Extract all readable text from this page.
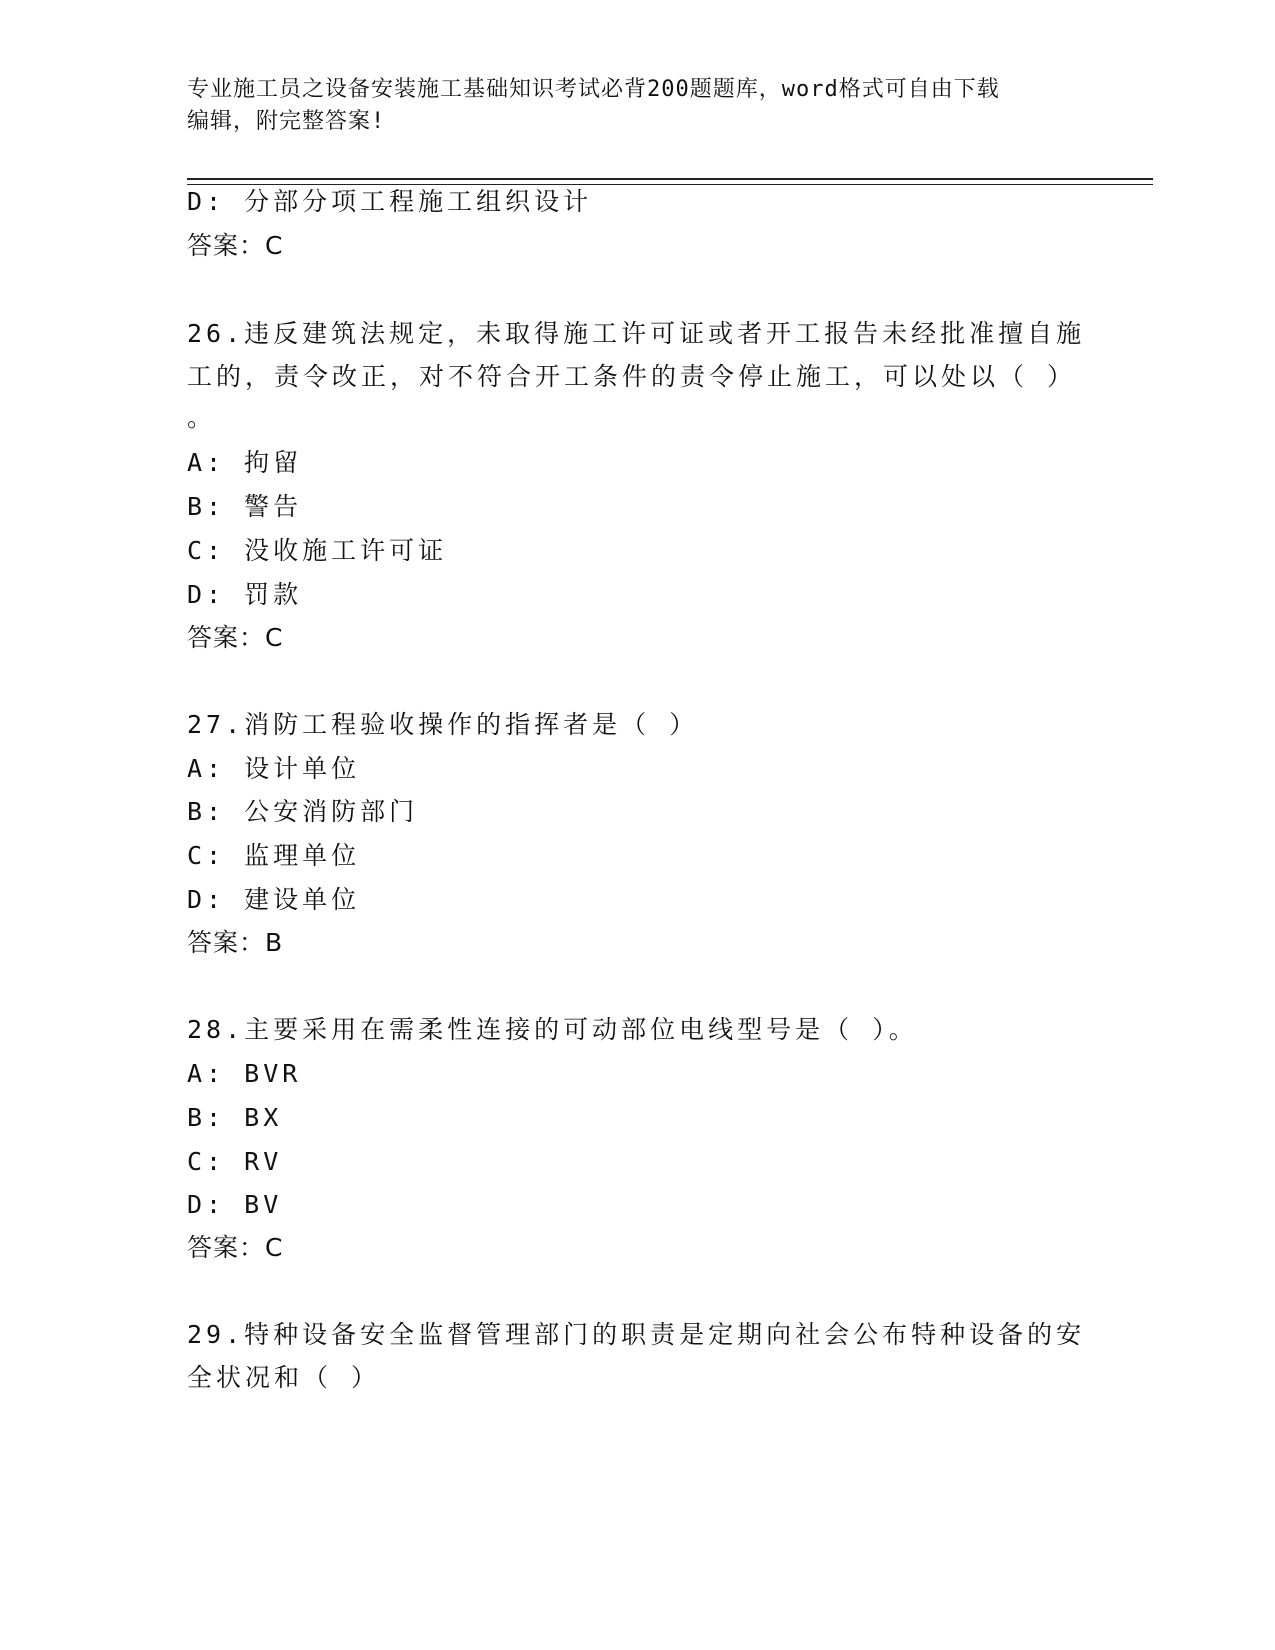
专业施工员之设备安装施工基础知识考试必背200题题库，word格式可自由下载
编辑，附完整答案!
D: 分部分项工程施工组织设计
答案：C
26.违反建筑法规定，未取得施工许可证或者开工报告未经批准擅自施
工的，责令改正，对不符合开工条件的责令停止施工，可以处以（ ）
。
A: 拘留
B: 警告
C: 没收施工许可证
D: 罚款
答案：C
27.消防工程验收操作的指挥者是（ ）
A: 设计单位
B: 公安消防部门
C: 监理单位
D: 建设单位
答案：B
28.主要采用在需柔性连接的可动部位电线型号是（ ）。
A: BVR
B: BX
C: RV
D: BV
答案：C
29.特种设备安全监督管理部门的职责是定期向社会公布特种设备的安
全状况和（ ）
